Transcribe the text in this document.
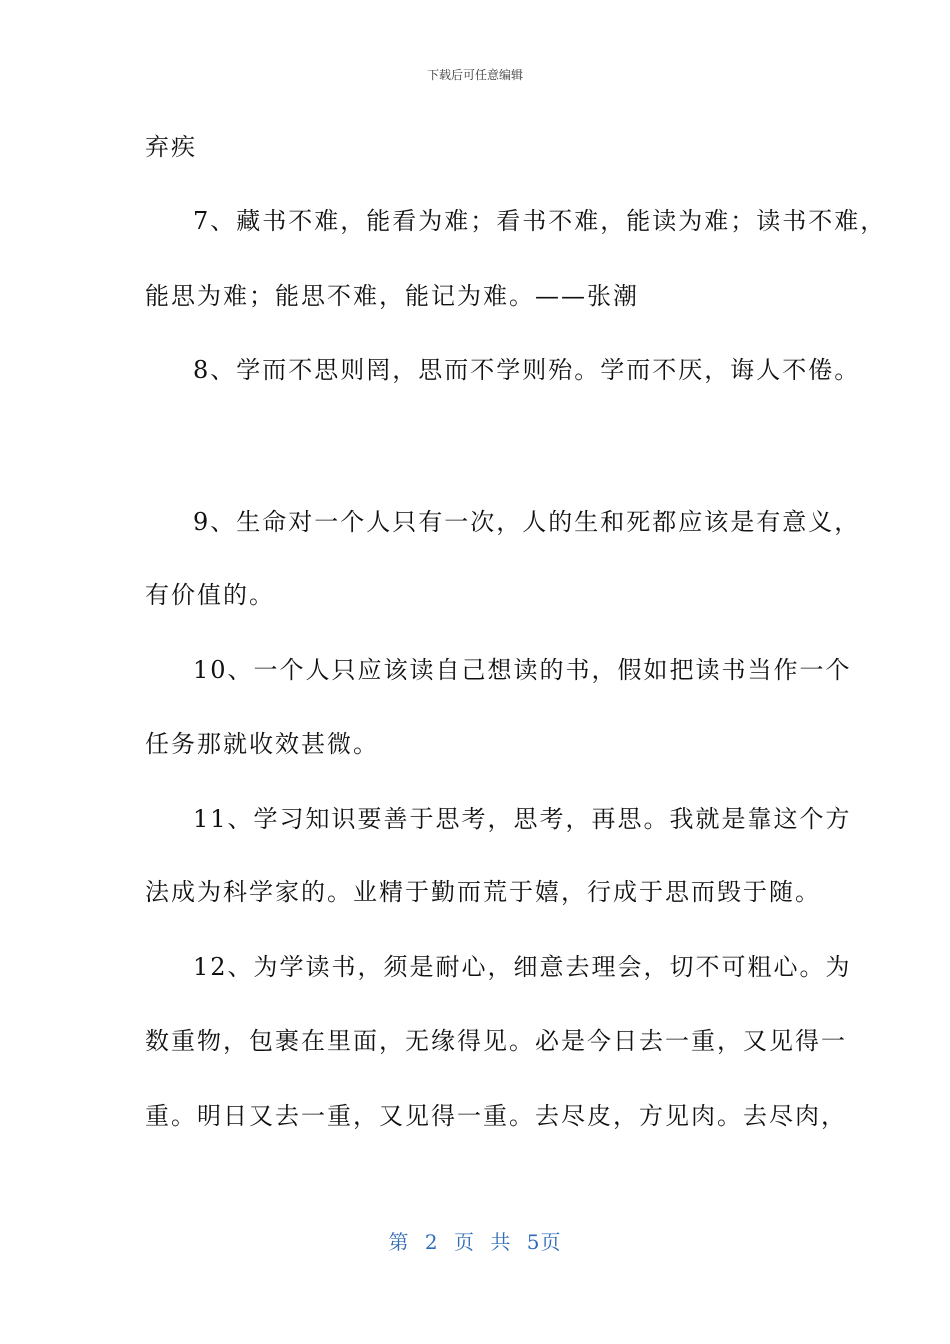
下载后可任意编辑
弃疾
7、藏书不难，能看为难；看书不难，能读为难；读书不难，
能思为难；能思不难，能记为难。——张潮
8、学而不思则罔，思而不学则殆。学而不厌，诲人不倦。
9、生命对一个人只有一次，人的生和死都应该是有意义，
有价值的。
10、一个人只应该读自己想读的书，假如把读书当作一个
任务那就收效甚微。
11、学习知识要善于思考，思考，再思。我就是靠这个方
法成为科学家的。业精于勤而荒于嬉，行成于思而毁于随。
12、为学读书，须是耐心，细意去理会，切不可粗心。为
数重物，包裹在里面，无缘得见。必是今日去一重，又见得一
重。明日又去一重，又见得一重。去尽皮，方见肉。去尽肉，
第 2 页 共 5页
